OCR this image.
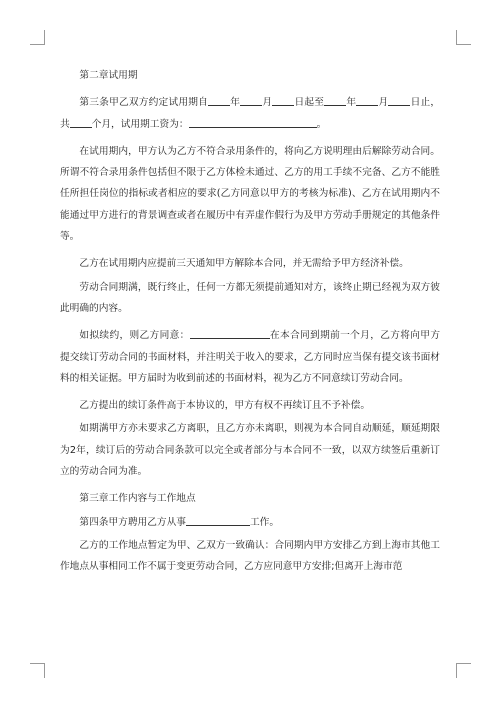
第二章试用期

第三条甲乙双方约定试用期自 年 月 日起至 年 月 日止，共 个月，试用期工资为：	。

在试用期内，甲方认为乙方不符合录用条件的，将向乙方说明理由后解除劳动合同。所谓不符合录用条件包括但不限于乙方体检未通过、乙方的用工手续不完备、乙方不能胜任所担任岗位的指标或者相应的要求(乙方同意以甲方的考核为标准)、乙方在试用期内不能通过甲方进行的背景调查或者在履历中有弄虚作假行为及甲方劳动手册规定的其他条件等。

乙方在试用期内应提前三天通知甲方解除本合同，并无需给予甲方经济补偿。

劳动合同期满，既行终止，任何一方都无须提前通知对方，该终止期已经视为双方彼此明确的内容。

如拟续约，则乙方同意：	在本合同到期前一个月，乙方将向甲方提交续订劳动合同的书面材料，并注明关于收入的要求，乙方同时应当保有提交该书面材料的相关证据。甲方届时为收到前述的书面材料，视为乙方不同意续订劳动合同。

乙方提出的续订条件高于本协议的，甲方有权不再续订且不予补偿。

如期满甲方亦未要求乙方离职，且乙方亦未离职，则视为本合同自动顺延，顺延期限为2年，续订后的劳动合同条款可以完全或者部分与本合同不一致，以双方续签后重新订立的劳动合同为准。

第三章工作内容与工作地点

第四条甲方聘用乙方从事	工作。

乙方的工作地点暂定为甲、乙双方一致确认：合同期内甲方安排乙方到上海市其他工作地点从事相同工作不属于变更劳动合同，乙方应同意甲方安排;但离开上海市范
